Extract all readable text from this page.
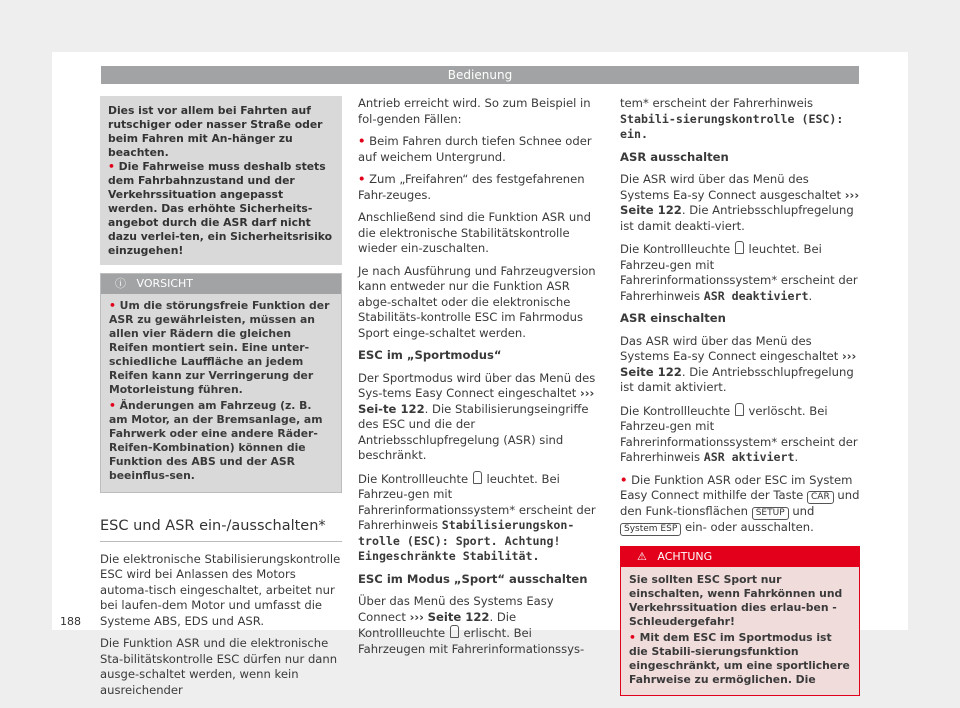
Bedienung

Dies ist vor allem bei Fahrten auf rutschiger oder nasser Straße oder beim Fahren mit An-hänger zu beachten.

• Die Fahrweise muss deshalb stets dem Fahrbahnzustand und der Verkehrssituation angepasst werden. Das erhöhte Sicherheits-angebot durch die ASR darf nicht dazu verlei-ten, ein Sicherheitsrisiko einzugehen!

ⓘ VORSICHT

• Um die störungsfreie Funktion der ASR zu gewährleisten, müssen an allen vier Rädern die gleichen Reifen montiert sein. Eine unter-schiedliche Lauffläche an jedem Reifen kann zur Verringerung der Motorleistung führen.

• Änderungen am Fahrzeug (z. B. am Motor, an der Bremsanlage, am Fahrwerk oder eine andere Räder-Reifen-Kombination) können die Funktion des ABS und der ASR beeinflus-sen.

ESC und ASR ein-/ausschalten*

Die elektronische Stabilisierungskontrolle ESC wird bei Anlassen des Motors automa-tisch eingeschaltet, arbeitet nur bei laufen-dem Motor und umfasst die Systeme ABS, EDS und ASR.

Die Funktion ASR und die elektronische Sta-bilitätskontrolle ESC dürfen nur dann ausge-schaltet werden, wenn kein ausreichender

Antrieb erreicht wird. So zum Beispiel in fol-genden Fällen:

• Beim Fahren durch tiefen Schnee oder auf weichem Untergrund.

• Zum „Freifahren“ des festgefahrenen Fahr-zeuges.

Anschließend sind die Funktion ASR und die elektronische Stabilitätskontrolle wieder ein-zuschalten.

Je nach Ausführung und Fahrzeugversion kann entweder nur die Funktion ASR abge-schaltet oder die elektronische Stabilitäts-kontrolle ESC im Fahrmodus Sport einge-schaltet werden.

ESC im „Sportmodus“

Der Sportmodus wird über das Menü des Sys-tems Easy Connect eingeschaltet ››› Sei-te 122. Die Stabilisierungseingriffe des ESC und die der Antriebsschlupfregelung (ASR) sind beschränkt.

Die Kontrollleuchte leuchtet. Bei Fahrzeu-gen mit Fahrerinformationssystem* erscheint der Fahrerhinweis Stabilisierungskon-trolle (ESC): Sport. Achtung! Eingeschränkte Stabilität.

ESC im Modus „Sport“ ausschalten

Über das Menü des Systems Easy Connect ››› Seite 122. Die Kontrollleuchte erlischt. Bei Fahrzeugen mit Fahrerinformationssys-

tem* erscheint der Fahrerhinweis Stabili-sierungskontrolle (ESC): ein.

ASR ausschalten

Die ASR wird über das Menü des Systems Ea-sy Connect ausgeschaltet ››› Seite 122. Die Antriebsschlupfregelung ist damit deakti-viert.

Die Kontrollleuchte leuchtet. Bei Fahrzeu-gen mit Fahrerinformationssystem* erscheint der Fahrerhinweis ASR deaktiviert.

ASR einschalten

Das ASR wird über das Menü des Systems Ea-sy Connect eingeschaltet ››› Seite 122. Die Antriebsschlupfregelung ist damit aktiviert.

Die Kontrollleuchte verlöscht. Bei Fahrzeu-gen mit Fahrerinformationssystem* erscheint der Fahrerhinweis ASR aktiviert.

• Die Funktion ASR oder ESC im System Easy Connect mithilfe der Taste CAR und den Funk-tionsflächen SETUP und System ESP ein- oder ausschalten.

⚠ ACHTUNG

Sie sollten ESC Sport nur einschalten, wenn Fahrkönnen und Verkehrssituation dies erlau-ben - Schleudergefahr!

• Mit dem ESC im Sportmodus ist die Stabili-sierungsfunktion eingeschränkt, um eine sportlichere Fahrweise zu ermöglichen. Die

188
